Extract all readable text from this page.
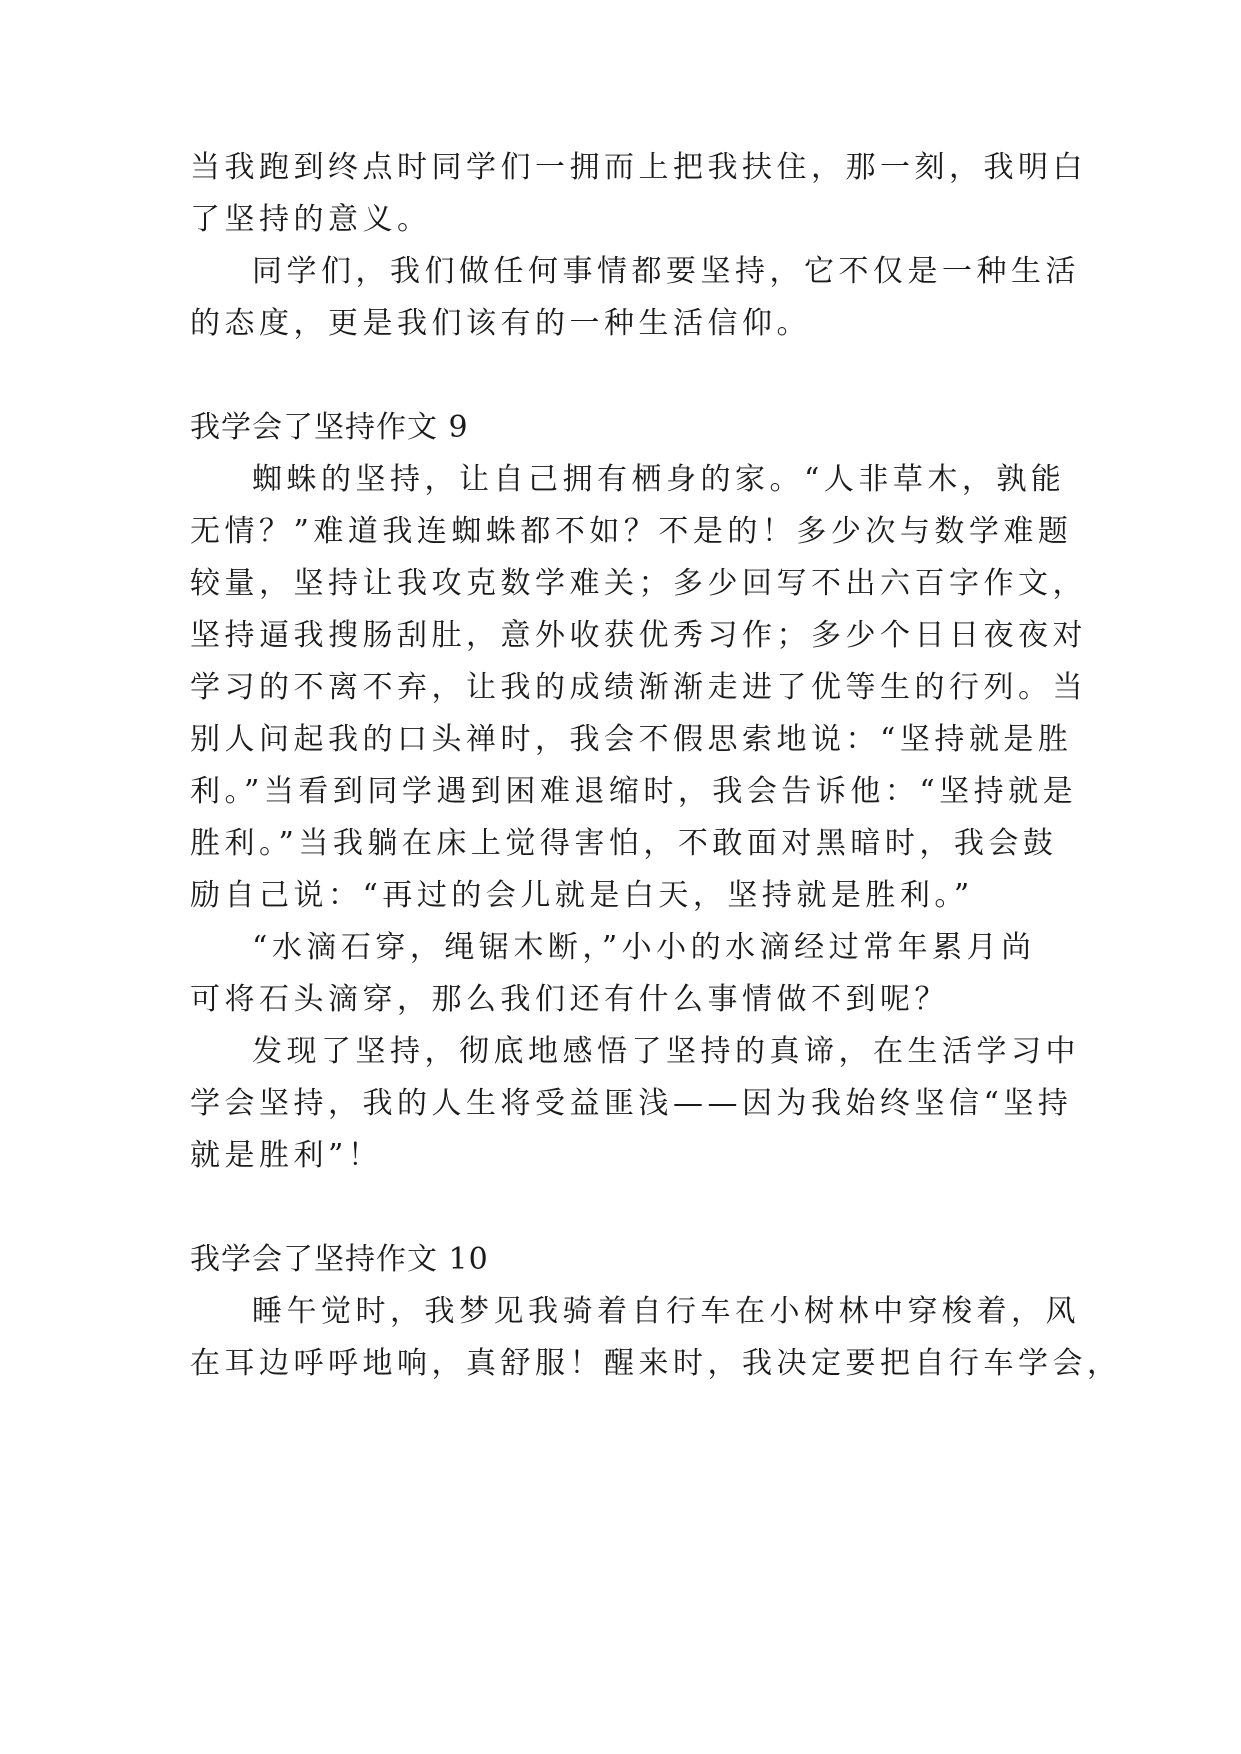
当我跑到终点时同学们一拥而上把我扶住，那一刻，我明白
了坚持的意义。
同学们，我们做任何事情都要坚持，它不仅是一种生活
的态度，更是我们该有的一种生活信仰。
我学会了坚持作文 9
蜘蛛的坚持，让自己拥有栖身的家。“人非草木，孰能
无情？”难道我连蜘蛛都不如？不是的！多少次与数学难题
较量，坚持让我攻克数学难关；多少回写不出六百字作文，
坚持逼我搜肠刮肚，意外收获优秀习作；多少个日日夜夜对
学习的不离不弃，让我的成绩渐渐走进了优等生的行列。当
别人问起我的口头禅时，我会不假思索地说：“坚持就是胜
利。”当看到同学遇到困难退缩时，我会告诉他：“坚持就是
胜利。”当我躺在床上觉得害怕，不敢面对黑暗时，我会鼓
励自己说：“再过的会儿就是白天，坚持就是胜利。”
“水滴石穿，绳锯木断，”小小的水滴经过常年累月尚
可将石头滴穿，那么我们还有什么事情做不到呢？
发现了坚持，彻底地感悟了坚持的真谛，在生活学习中
学会坚持，我的人生将受益匪浅——因为我始终坚信“坚持
就是胜利”！
我学会了坚持作文 10
睡午觉时，我梦见我骑着自行车在小树林中穿梭着，风
在耳边呼呼地响，真舒服！醒来时，我决定要把自行车学会，
